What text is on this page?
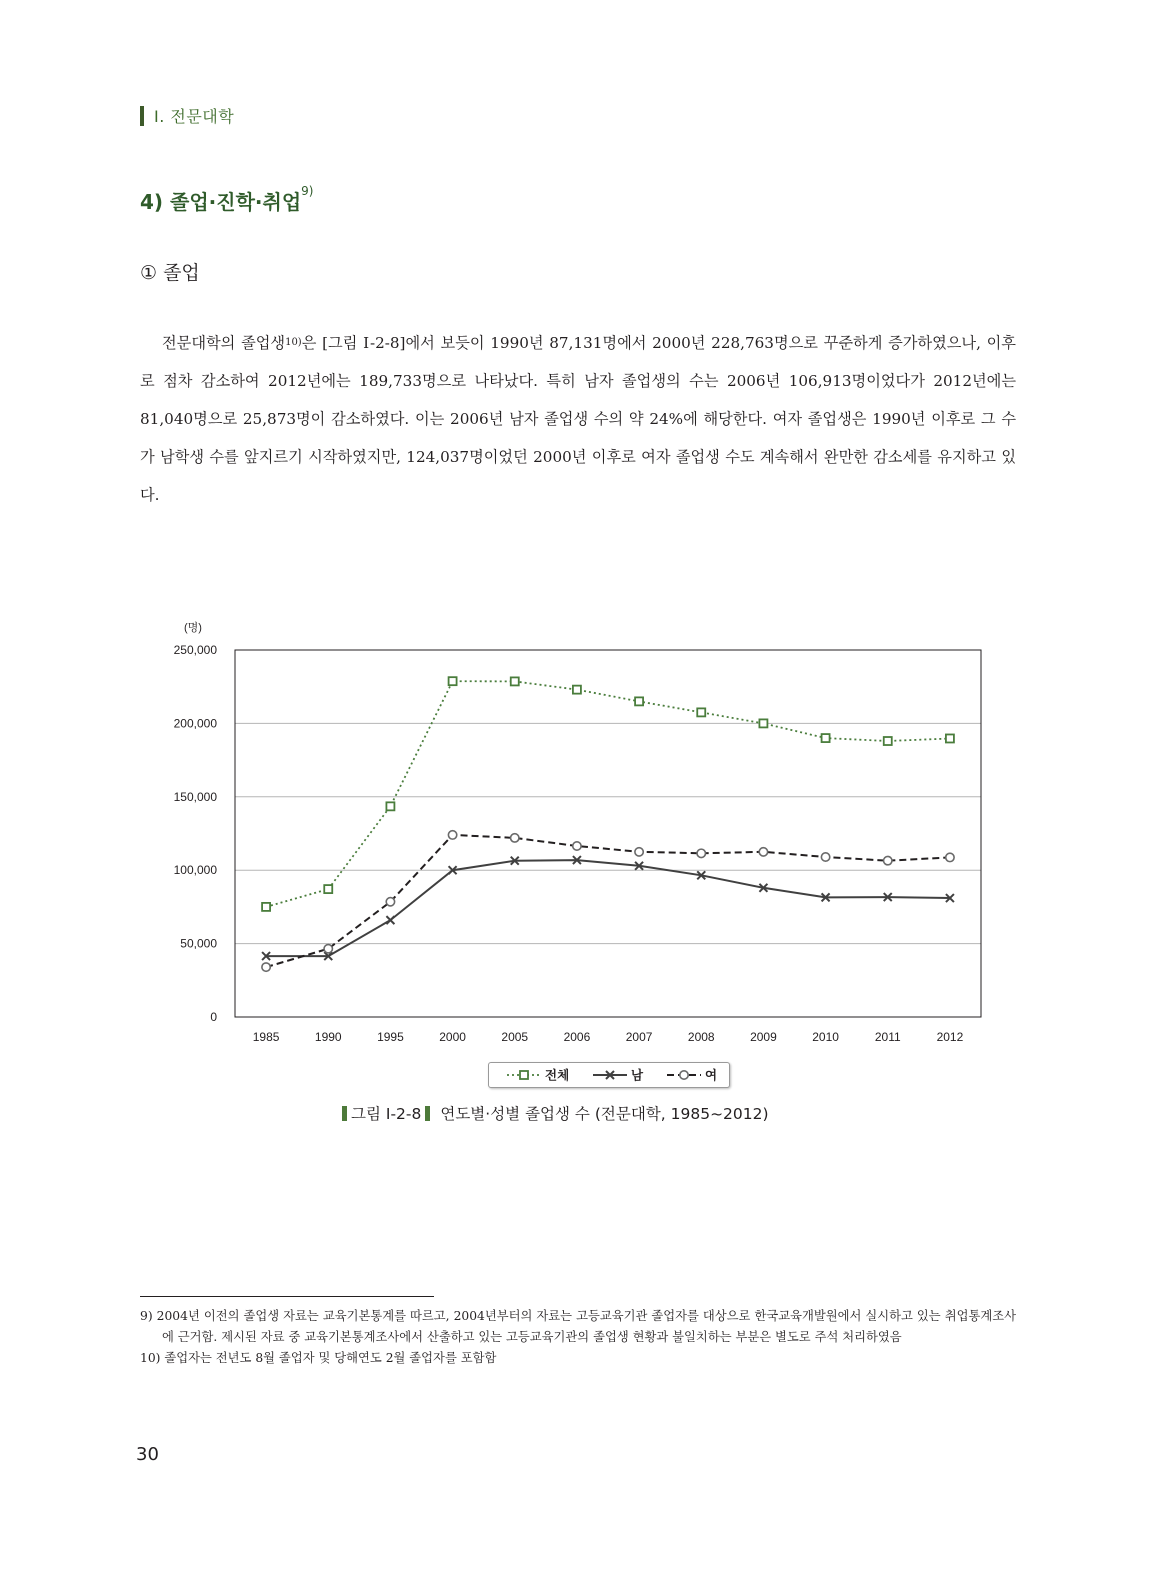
Ⅰ. 전문대학
4) 졸업·진학·취업$^{9)}$
① 졸업

전문대학의 졸업생$^{10)}$은 [그림 Ⅰ-2-8]에서 보듯이 1990년 87,131명에서 2000년 228,763명으로 꾸준하게 증가하였으나, 이후로 점차 감소하여 2012년에는 189,733명으로 나타났다. 특히 남자 졸업생의 수는 2006년 106,913명이었다가 2012년에는 81,040명으로 25,873명이 감소하였다. 이는 2006년 남자 졸업생 수의 약 24%에 해당한다. 여자 졸업생은 1990년 이후로 그 수가 남학생 수를 앞지르기 시작하였지만, 124,037명이었던 2000년 이후로 여자 졸업생 수도 계속해서 완만한 감소세를 유지하고 있다.

0
50,000
100,000
150,000
200,000
250,000
(명)
1985	1990	1995	2000	2005	2006	2007	2008	2009	2010	2011	2012
전체	남	여
그림 Ⅰ-2-8 연도별·성별 졸업생 수 (전문대학, 1985~2012)

9) 2004년 이전의 졸업생 자료는 교육기본통계를 따르고, 2004년부터의 자료는 고등교육기관 졸업자를 대상으로 한국교육개발원에서 실시하고 있는 취업통계조사에 근거함. 제시된 자료 중 교육기본통계조사에서 산출하고 있는 고등교육기관의 졸업생 현황과 불일치하는 부분은 별도로 주석 처리하였음

10) 졸업자는 전년도 8월 졸업자 및 당해연도 2월 졸업자를 포함함

30
